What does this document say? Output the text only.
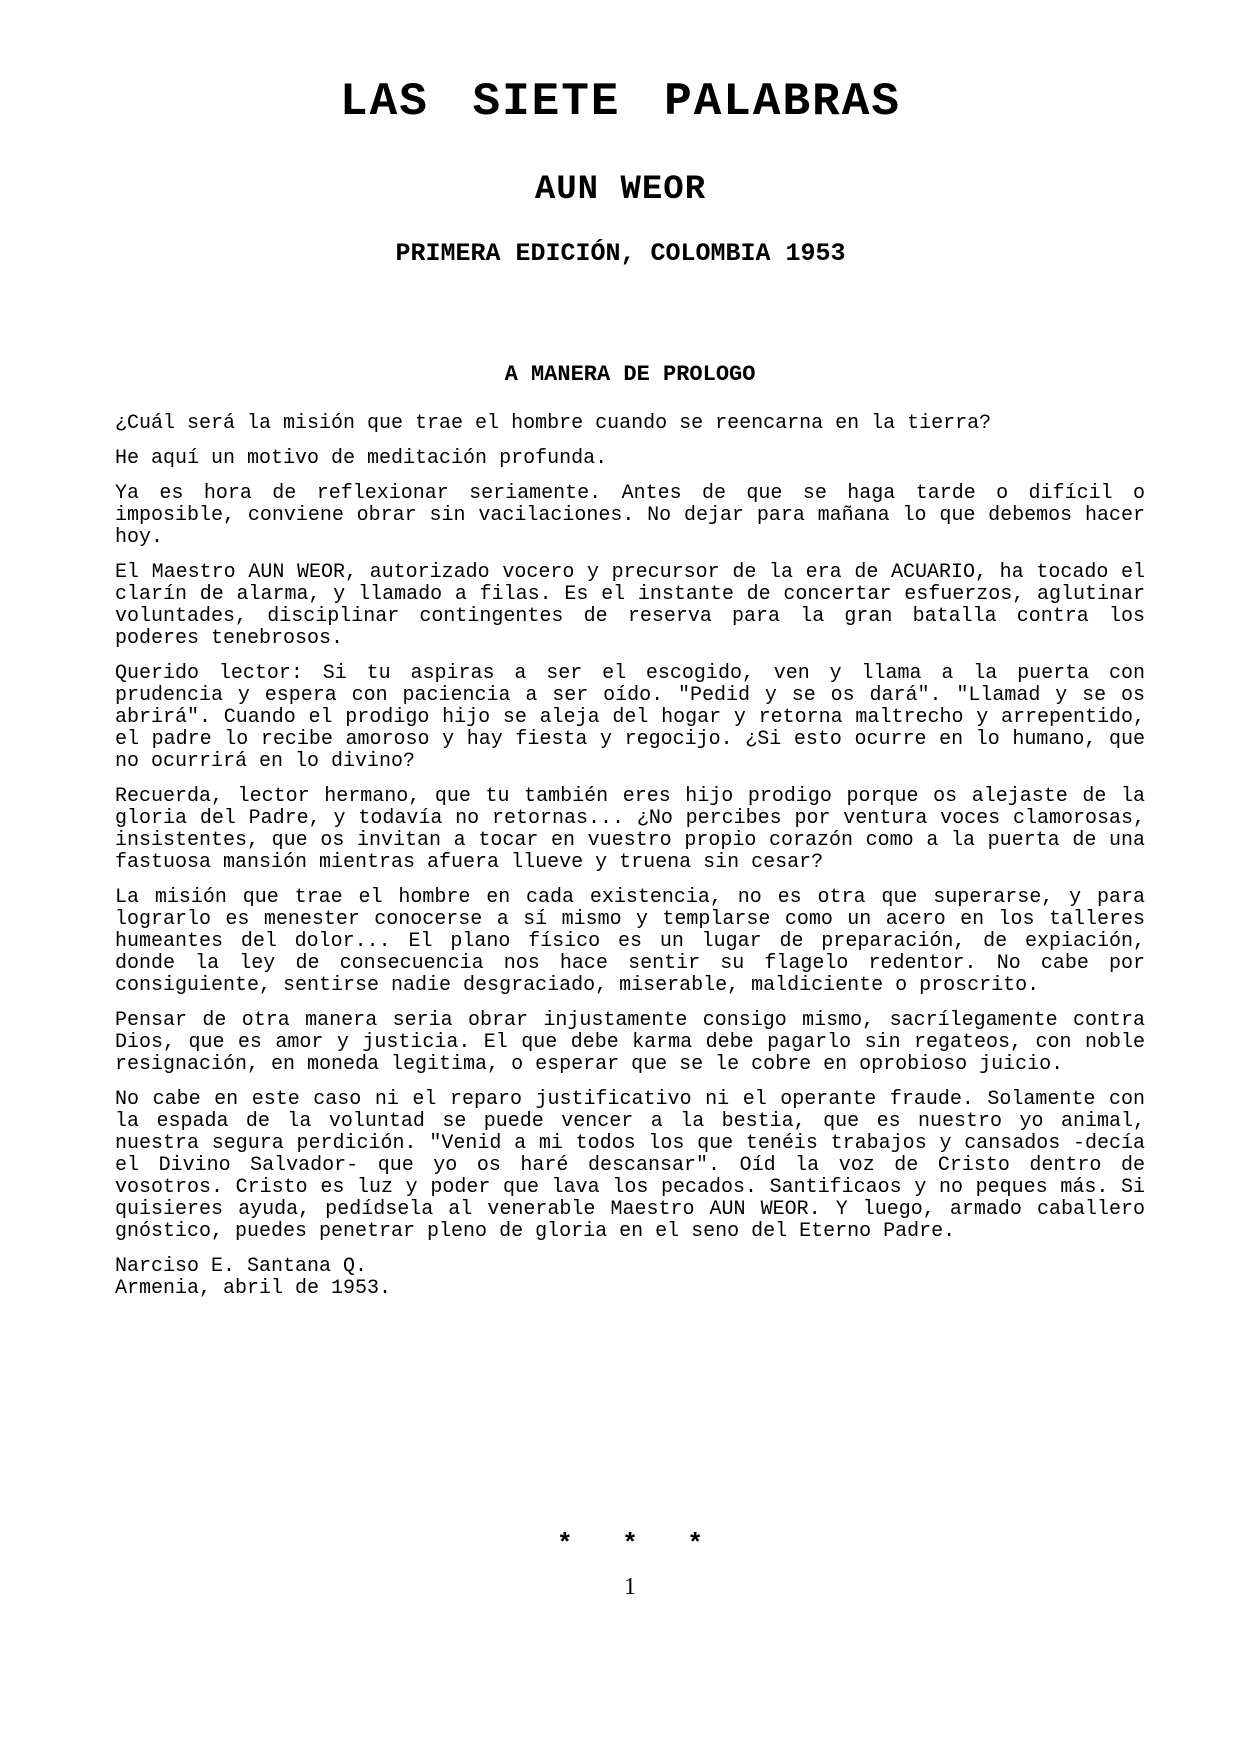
LAS SIETE PALABRAS
AUN WEOR
PRIMERA EDICIÓN, COLOMBIA 1953
A MANERA DE PROLOGO

¿Cuál será la misión que trae el hombre cuando se reencarna en la tierra?

He aquí un motivo de meditación profunda.

Ya es hora de reflexionar seriamente. Antes de que se haga tarde o difícil o imposible, conviene obrar sin vacilaciones. No dejar para mañana lo que debemos hacer hoy.

El Maestro AUN WEOR, autorizado vocero y precursor de la era de ACUARIO, ha tocado el clarín de alarma, y llamado a filas. Es el instante de concertar esfuerzos, aglutinar voluntades, disciplinar contingentes de reserva para la gran batalla contra los poderes tenebrosos.

Querido lector: Si tu aspiras a ser el escogido, ven y llama a la puerta con prudencia y espera con paciencia a ser oído. "Pedid y se os dará". "Llamad y se os abrirá". Cuando el prodigo hijo se aleja del hogar y retorna maltrecho y arrepentido, el padre lo recibe amoroso y hay fiesta y regocijo. ¿Si esto ocurre en lo humano, que no ocurrirá en lo divino?

Recuerda, lector hermano, que tu también eres hijo prodigo porque os alejaste de la gloria del Padre, y todavía no retornas... ¿No percibes por ventura voces clamorosas, insistentes, que os invitan a tocar en vuestro propio corazón como a la puerta de una fastuosa mansión mientras afuera llueve y truena sin cesar?

La misión que trae el hombre en cada existencia, no es otra que superarse, y para lograrlo es menester conocerse a sí mismo y templarse como un acero en los talleres humeantes del dolor... El plano físico es un lugar de preparación, de expiación, donde la ley de consecuencia nos hace sentir su flagelo redentor. No cabe por consiguiente, sentirse nadie desgraciado, miserable, maldiciente o proscrito.

Pensar de otra manera seria obrar injustamente consigo mismo, sacrílegamente contra Dios, que es amor y justicia. El que debe karma debe pagarlo sin regateos, con noble resignación, en moneda legitima, o esperar que se le cobre en oprobioso juicio.

No cabe en este caso ni el reparo justificativo ni el operante fraude. Solamente con la espada de la voluntad se puede vencer a la bestia, que es nuestro yo animal, nuestra segura perdición. "Venid a mi todos los que tenéis trabajos y cansados -decía el Divino Salvador- que yo os haré descansar". Oíd la voz de Cristo dentro de vosotros. Cristo es luz y poder que lava los pecados. Santificaos y no peques más. Si quisieres ayuda, pedídsela al venerable Maestro AUN WEOR. Y luego, armado caballero gnóstico, puedes penetrar pleno de gloria en el seno del Eterno Padre.

Narciso E. Santana Q.
Armenia, abril de 1953.
* * *
1
